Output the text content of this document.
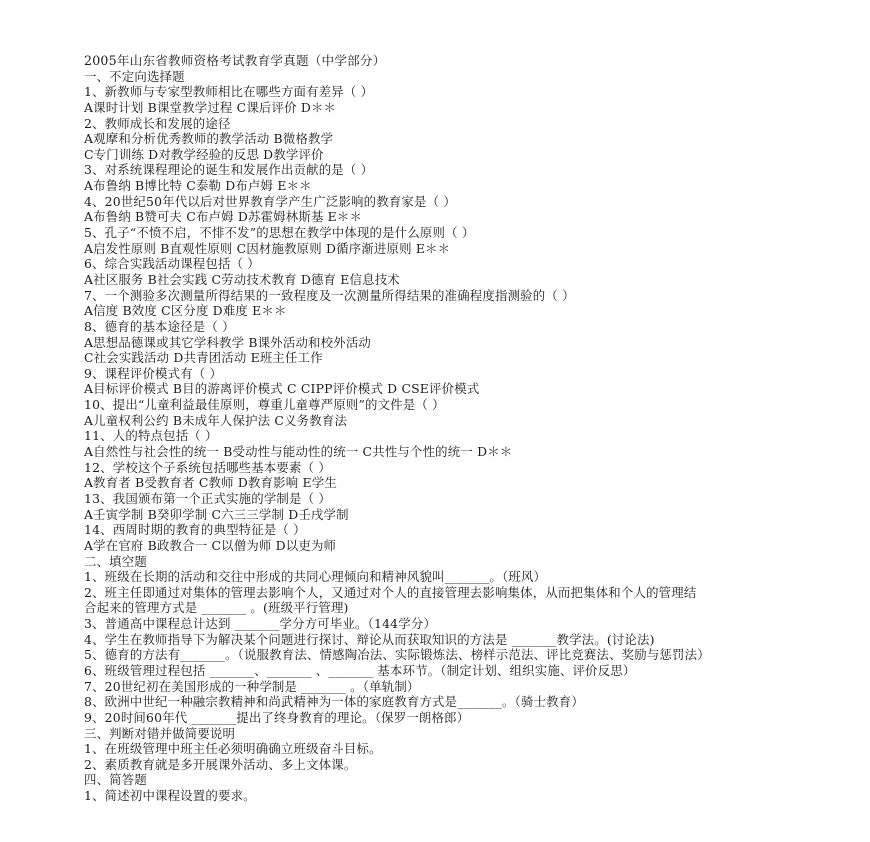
2005年山东省教师资格考试教育学真题（中学部分）
一、不定向选择题
1、新教师与专家型教师相比在哪些方面有差异（ ）
A课时计划 B课堂教学过程 C课后评价 D＊＊
2、教师成长和发展的途径
A观摩和分析优秀教师的教学活动 B微格教学
C专门训练 D对教学经验的反思 D教学评价
3、对系统课程理论的诞生和发展作出贡献的是（ ）
A布鲁纳 B博比特 C泰勒 D布卢姆 E＊＊
4、20世纪50年代以后对世界教育学产生广泛影响的教育家是（ ）
A布鲁纳 B赞可夫 C布卢姆 D苏霍姆林斯基 E＊＊
5、孔子“不愤不启，不悱不发”的思想在教学中体现的是什么原则（ ）
A启发性原则 B直观性原则 C因材施教原则 D循序渐进原则 E＊＊
6、综合实践活动课程包括（ ）
A社区服务 B社会实践 C劳动技术教育 D德育 E信息技术
7、一个测验多次测量所得结果的一致程度及一次测量所得结果的准确程度指测验的（ ）
A信度 B效度 C区分度 D难度 E＊＊
8、德育的基本途径是（ ）
A思想品德课或其它学科教学 B课外活动和校外活动
C社会实践活动 D共青团活动 E班主任工作
9、课程评价模式有（ ）
A目标评价模式 B目的游离评价模式 C CIPP评价模式 D CSE评价模式
10、提出“儿童利益最佳原则，尊重儿童尊严原则”的文件是（ ）
A儿童权利公约 B未成年人保护法 C义务教育法
11、人的特点包括（ ）
A自然性与社会性的统一 B受动性与能动性的统一 C共性与个性的统一 D＊＊
12、学校这个子系统包括哪些基本要素（ ）
A教育者 B受教育者 C教师 D教育影响 E学生
13、我国颁布第一个正式实施的学制是（ ）
A壬寅学制 B癸卯学制 C六三三学制 D壬戌学制
14、西周时期的教育的典型特征是（ ）
A学在官府 B政教合一 C以僧为师 D以吏为师
二、填空题
1、班级在长期的活动和交往中形成的共同心理倾向和精神风貌叫_______。（班风）
2、班主任即通过对集体的管理去影响个人，又通过对个人的直接管理去影响集体，从而把集体和个人的管理结
合起来的管理方式是 _______ 。(班级平行管理)
3、普通高中课程总计达到 _______学分方可毕业。（144学分）
4、学生在教师指导下为解决某个问题进行探讨、辩论从而获取知识的方法是 _______教学法。(讨论法)
5、德育的方法有_______。（说服教育法、情感陶冶法、实际锻炼法、榜样示范法、评比竞赛法、奖励与惩罚法）
6、班级管理过程包括 _______、_______ 、_______ 基本环节。（制定计划、组织实施、评价反思）
7、20世纪初在美国形成的一种学制是 _______ 。（单轨制）
8、欧洲中世纪一种融宗教精神和尚武精神为一体的家庭教育方式是_______。（骑士教育）
9、20时间60年代 _______提出了终身教育的理论。（保罗一朗格郎）
三、判断对错并做简要说明
1、在班级管理中班主任必须明确确立班级奋斗目标。
2、素质教育就是多开展课外活动、多上文体课。
四、简答题
1、简述初中课程设置的要求。
